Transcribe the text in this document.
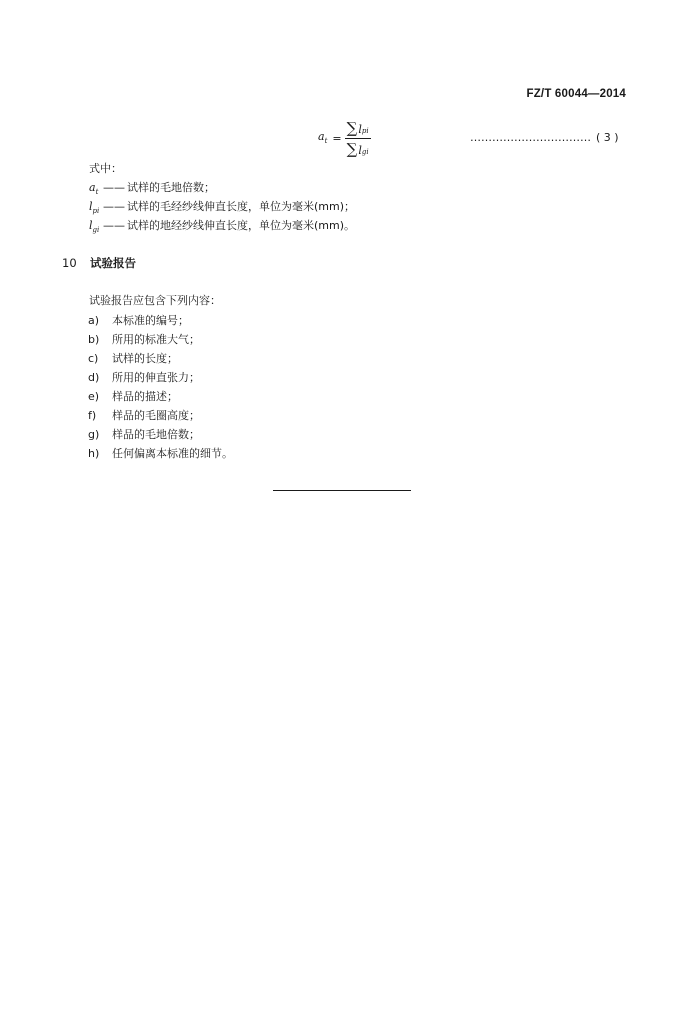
FZ/T 60044—2014
$a_t = \frac{\text{∑ l pi}}{\text{∑ l gi}}$	…………………………… ( 3 )
式中：
$a_t$ —— 试样的毛地倍数；
$l_{pi}$ —— 试样的毛经纱线伸直长度，单位为毫米(mm)；
$l_{gi}$ —— 试样的地经纱线伸直长度，单位为毫米(mm)。
10 试验报告
试验报告应包含下列内容：
a) 本标准的编号；
b) 所用的标准大气；
c) 试样的长度；
d) 所用的伸直张力；
e) 样品的描述；
f) 样品的毛圈高度；
g) 样品的毛地倍数；
h) 任何偏离本标准的细节。
